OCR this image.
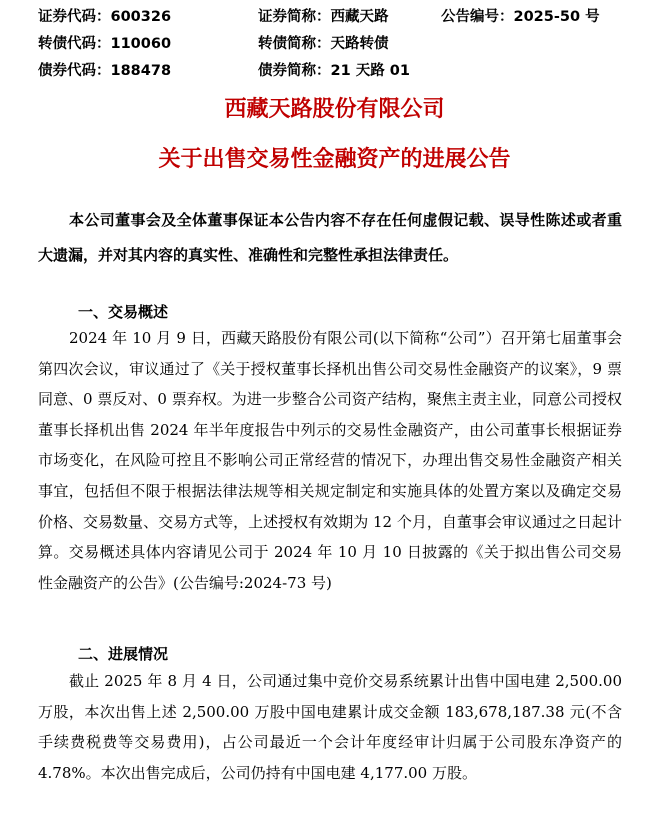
证券代码：600326	证券简称：西藏天路	公告编号：2025-50 号
转债代码：110060	转债简称：天路转债
债券代码：188478	债券简称：21 天路 01
西藏天路股份有限公司
关于出售交易性金融资产的进展公告

本公司董事会及全体董事保证本公告内容不存在任何虚假记载、误导性陈述或者重大遗漏，并对其内容的真实性、准确性和完整性承担法律责任。

一、交易概述

2024 年 10 月 9 日，西藏天路股份有限公司(以下简称“公司”）召开第七届董事会第四次会议，审议通过了《关于授权董事长择机出售公司交易性金融资产的议案》，9 票同意、0 票反对、0 票弃权。为进一步整合公司资产结构，聚焦主责主业，同意公司授权董事长择机出售 2024 年半年度报告中列示的交易性金融资产，由公司董事长根据证券市场变化，在风险可控且不影响公司正常经营的情况下，办理出售交易性金融资产相关事宜，包括但不限于根据法律法规等相关规定制定和实施具体的处置方案以及确定交易价格、交易数量、交易方式等，上述授权有效期为 12 个月，自董事会审议通过之日起计算。交易概述具体内容请见公司于 2024 年 10 月 10 日披露的《关于拟出售公司交易性金融资产的公告》(公告编号:2024-73 号)

二、进展情况

截止 2025 年 8 月 4 日，公司通过集中竞价交易系统累计出售中国电建 2,500.00 万股，本次出售上述 2,500.00 万股中国电建累计成交金额 183,678,187.38 元(不含手续费税费等交易费用)，占公司最近一个会计年度经审计归属于公司股东净资产的 4.78%。本次出售完成后，公司仍持有中国电建 4,177.00 万股。
